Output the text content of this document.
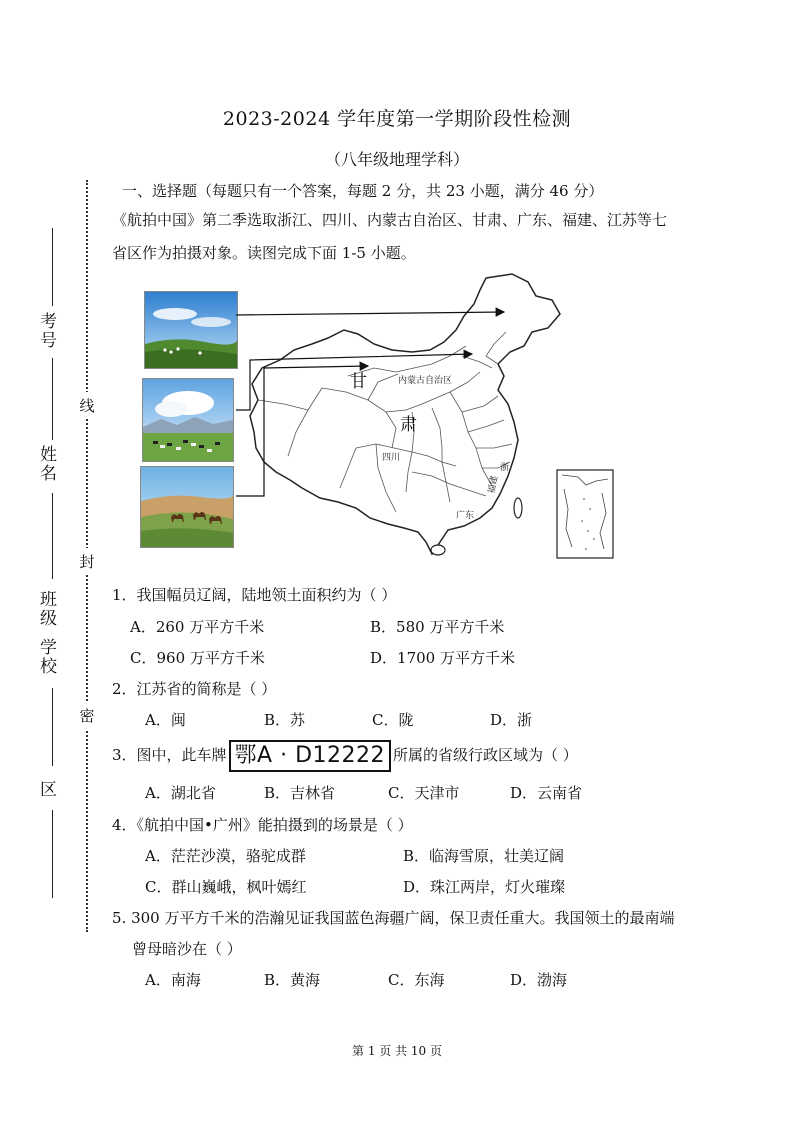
2023-2024 学年度第一学期阶段性检测
（八年级地理学科）
线
封
密
考号
姓名
班级
学校
区
一、选择题（每题只有一个答案，每题 2 分，共 23 小题，满分 46 分）
《航拍中国》第二季选取浙江、四川、内蒙古自治区、甘肃、广东、福建、江苏等七
省区作为拍摄对象。读图完成下面 1-5 小题。
甘
肃
内蒙古自治区
四川
浙
福建
广东
1．我国幅员辽阔，陆地领土面积约为（ ）
A．260 万平方千米	B．580 万平方千米
C．960 万平方千米	D．1700 万平方千米
2．江苏省的简称是（ ）
A．闽	B．苏	C．陇	D．浙
3．图中，此车牌 鄂A · D12222 所属的省级行政区域为（ ）
A．湖北省	B．吉林省	C．天津市	D．云南省
4．《航拍中国•广州》能拍摄到的场景是（ ）
A．茫茫沙漠，骆驼成群	B．临海雪原，壮美辽阔
C．群山巍峨，枫叶嫣红	D．珠江两岸，灯火璀璨
5. 300 万平方千米的浩瀚见证我国蓝色海疆广阔，保卫责任重大。我国领土的最南端
曾母暗沙在（ ）
A．南海	B．黄海	C．东海	D．渤海
第 1 页 共 10 页
